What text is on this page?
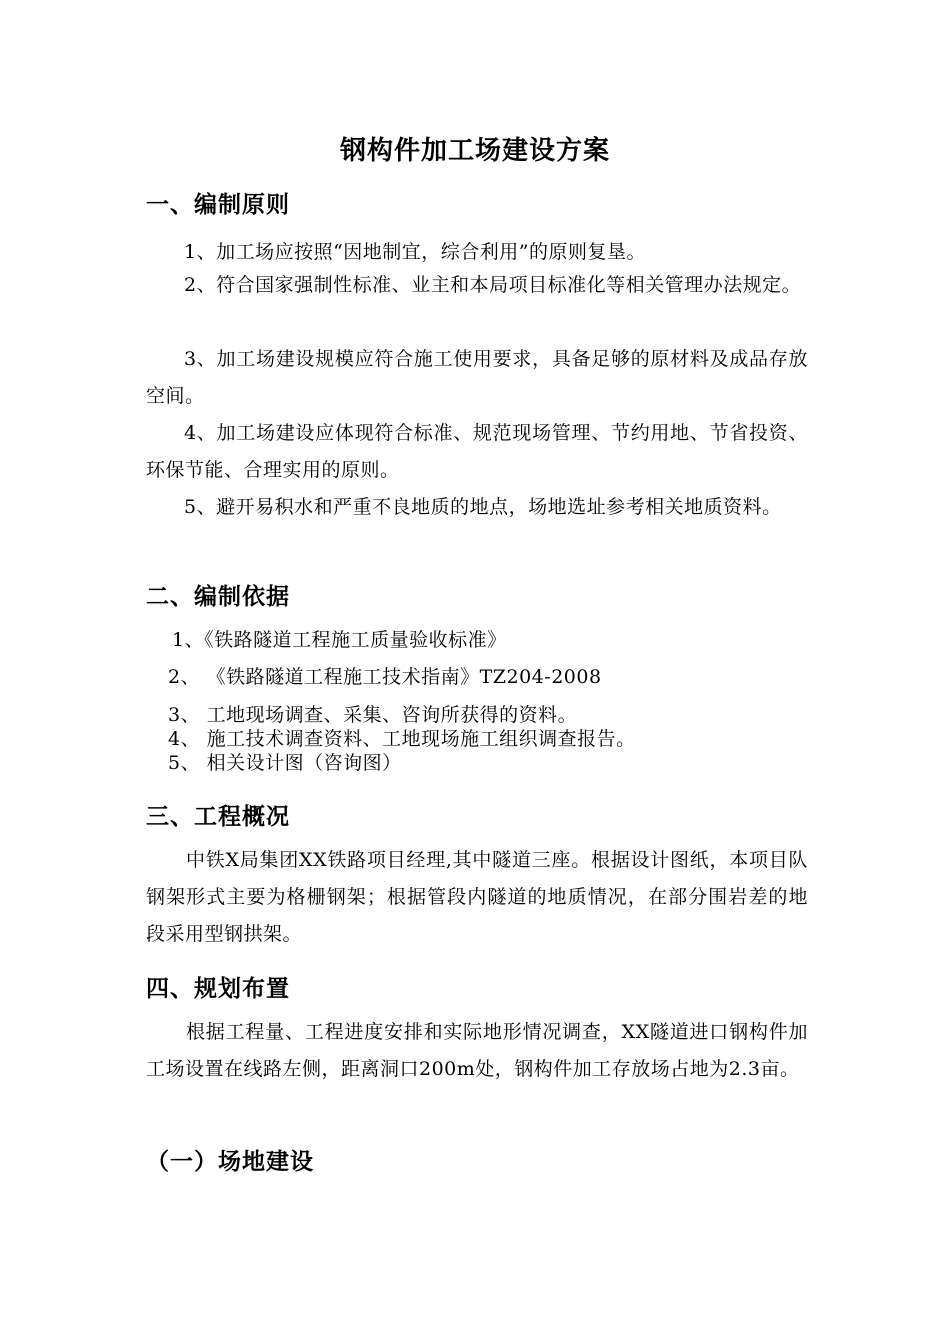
钢构件加工场建设方案
一、编制原则
1、加工场应按照“因地制宜，综合利用”的原则复垦。
2、符合国家强制性标准、业主和本局项目标准化等相关管理办法规定。
3、加工场建设规模应符合施工使用要求，具备足够的原材料及成品存放空间。
4、加工场建设应体现符合标准、规范现场管理、节约用地、节省投资、环保节能、合理实用的原则。
5、避开易积水和严重不良地质的地点，场地选址参考相关地质资料。
二、编制依据
1、《铁路隧道工程施工质量验收标准》
2、 《铁路隧道工程施工技术指南》TZ204-2008
3、 工地现场调查、采集、咨询所获得的资料。
4、 施工技术调查资料、工地现场施工组织调查报告。
5、 相关设计图（咨询图）
三、工程概况
中铁X局集团XX铁路项目经理,其中隧道三座。根据设计图纸，本项目队钢架形式主要为格栅钢架；根据管段内隧道的地质情况，在部分围岩差的地段采用型钢拱架。
四、规划布置
根据工程量、工程进度安排和实际地形情况调查，XX隧道进口钢构件加工场设置在线路左侧，距离洞口200m处，钢构件加工存放场占地为2.3亩。
（一）场地建设
